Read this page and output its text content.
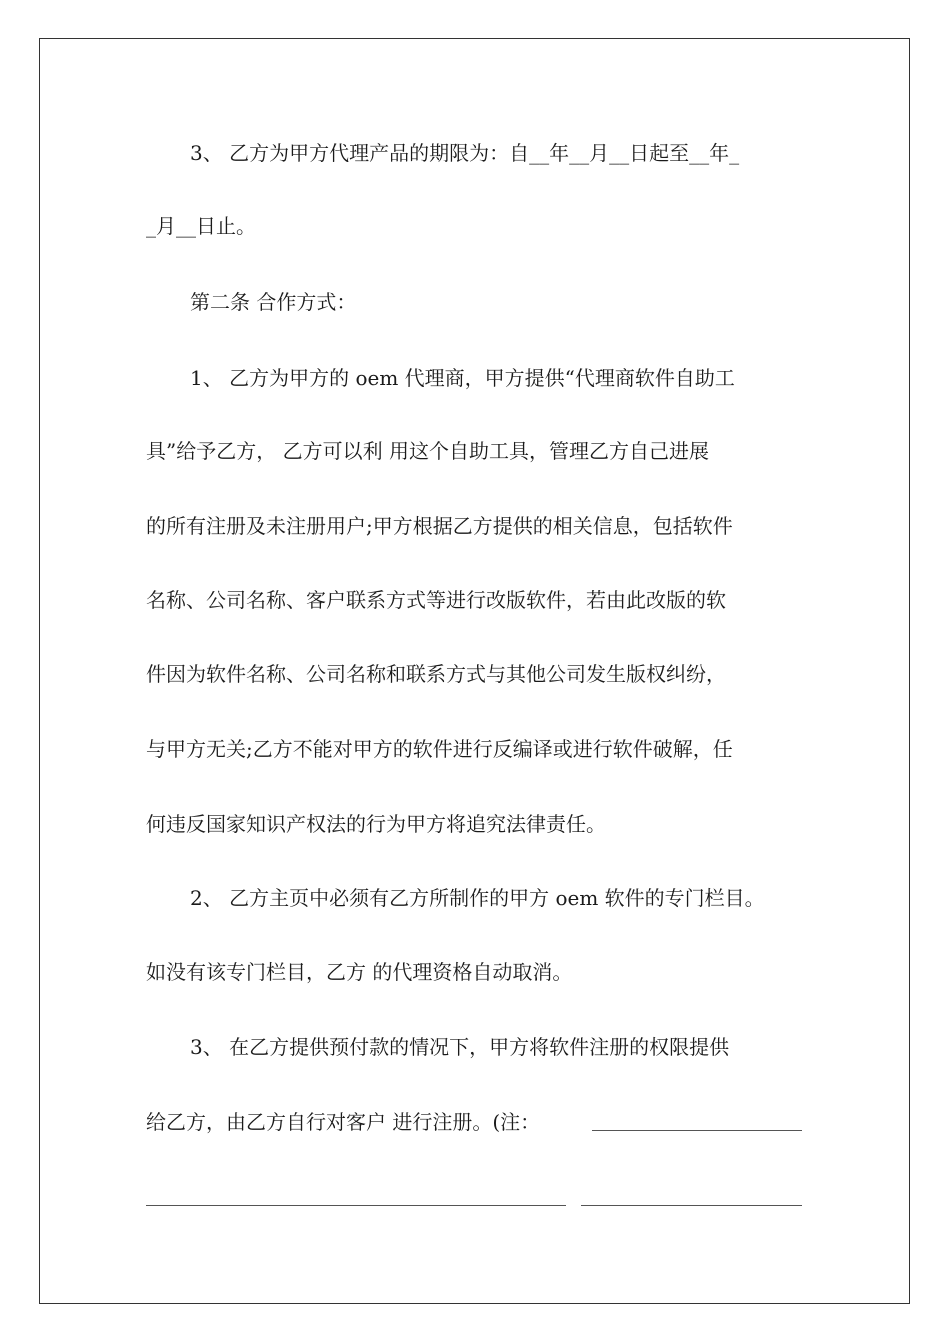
3、 乙方为甲方代理产品的期限为：自__年__月__日起至__年_
_月__日止。
第二条 合作方式：
1、 乙方为甲方的 oem 代理商，甲方提供“代理商软件自助工
具”给予乙方， 乙方可以利 用这个自助工具，管理乙方自己进展
的所有注册及未注册用户;甲方根据乙方提供的相关信息，包括软件
名称、公司名称、客户联系方式等进行改版软件，若由此改版的软
件因为软件名称、公司名称和联系方式与其他公司发生版权纠纷，
与甲方无关;乙方不能对甲方的软件进行反编译或进行软件破解，任
何违反国家知识产权法的行为甲方将追究法律责任。
2、 乙方主页中必须有乙方所制作的甲方 oem 软件的专门栏目。
如没有该专门栏目，乙方 的代理资格自动取消。
3、 在乙方提供预付款的情况下，甲方将软件注册的权限提供
给乙方，由乙方自行对客户 进行注册。(注：
